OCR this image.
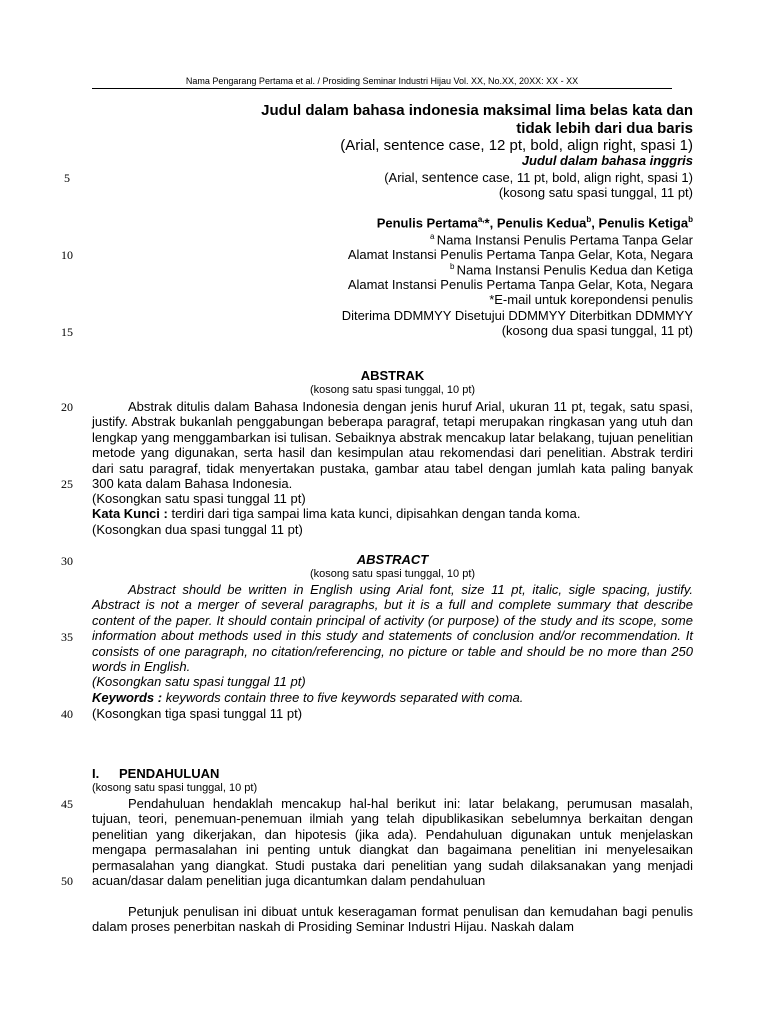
Nama Pengarang Pertama et al. / Prosiding Seminar Industri Hijau Vol. XX, No.XX, 20XX: XX - XX
5
10
15
20
25
30
35
40
45
50
Judul dalam bahasa indonesia maksimal lima belas kata dan
tidak lebih dari dua baris
(Arial, sentence case, 12 pt, bold, align right, spasi 1)
Judul dalam bahasa inggris
(Arial, sentence case, 11 pt, bold, align right, spasi 1)
(kosong satu spasi tunggal, 11 pt)
Penulis Pertama$^{a,}$*, Penulis Kedua$^b$, Penulis Ketiga$^b$
$^a$ Nama Instansi Penulis Pertama Tanpa Gelar
Alamat Instansi Penulis Pertama Tanpa Gelar, Kota, Negara
$^b$ Nama Instansi Penulis Kedua dan Ketiga
Alamat Instansi Penulis Pertama Tanpa Gelar, Kota, Negara
*E-mail untuk korepondensi penulis
Diterima DDMMYY Disetujui DDMMYY Diterbitkan DDMMYY
(kosong dua spasi tunggal, 11 pt)
ABSTRAK
(kosong satu spasi tunggal, 10 pt)
Abstrak ditulis dalam Bahasa Indonesia dengan jenis huruf Arial, ukuran 11 pt, tegak, satu spasi, justify. Abstrak bukanlah penggabungan beberapa paragraf, tetapi merupakan ringkasan yang utuh dan lengkap yang menggambarkan isi tulisan. Sebaiknya abstrak mencakup latar belakang, tujuan penelitian metode yang digunakan, serta hasil dan kesimpulan atau rekomendasi dari penelitian. Abstrak terdiri dari satu paragraf, tidak menyertakan pustaka, gambar atau tabel dengan jumlah kata paling banyak 300 kata dalam Bahasa Indonesia.
(Kosongkan satu spasi tunggal 11 pt)
Kata Kunci : terdiri dari tiga sampai lima kata kunci, dipisahkan dengan tanda koma.
(Kosongkan dua spasi tunggal 11 pt)
ABSTRACT
(kosong satu spasi tunggal, 10 pt)
Abstract should be written in English using Arial font, size 11 pt, italic, sigle spacing, justify. Abstract is not a merger of several paragraphs, but it is a full and complete summary that describe content of the paper. It should contain principal of activity (or purpose) of the study and its scope, some information about methods used in this study and statements of conclusion and/or recommendation. It consists of one paragraph, no citation/referencing, no picture or table and should be no more than 250 words in English.
(Kosongkan satu spasi tunggal 11 pt)
Keywords : keywords contain three to five keywords separated with coma.
(Kosongkan tiga spasi tunggal 11 pt)
I. PENDAHULUAN
(kosong satu spasi tunggal, 10 pt)
Pendahuluan hendaklah mencakup hal-hal berikut ini: latar belakang, perumusan masalah, tujuan, teori, penemuan-penemuan ilmiah yang telah dipublikasikan sebelumnya berkaitan dengan penelitian yang dikerjakan, dan hipotesis (jika ada). Pendahuluan digunakan untuk menjelaskan mengapa permasalahan ini penting untuk diangkat dan bagaimana penelitian ini menyelesaikan permasalahan yang diangkat. Studi pustaka dari penelitian yang sudah dilaksanakan yang menjadi acuan/dasar dalam penelitian juga dicantumkan dalam pendahuluan
Petunjuk penulisan ini dibuat untuk keseragaman format penulisan dan kemudahan bagi penulis dalam proses penerbitan naskah di Prosiding Seminar Industri Hijau. Naskah dalam
